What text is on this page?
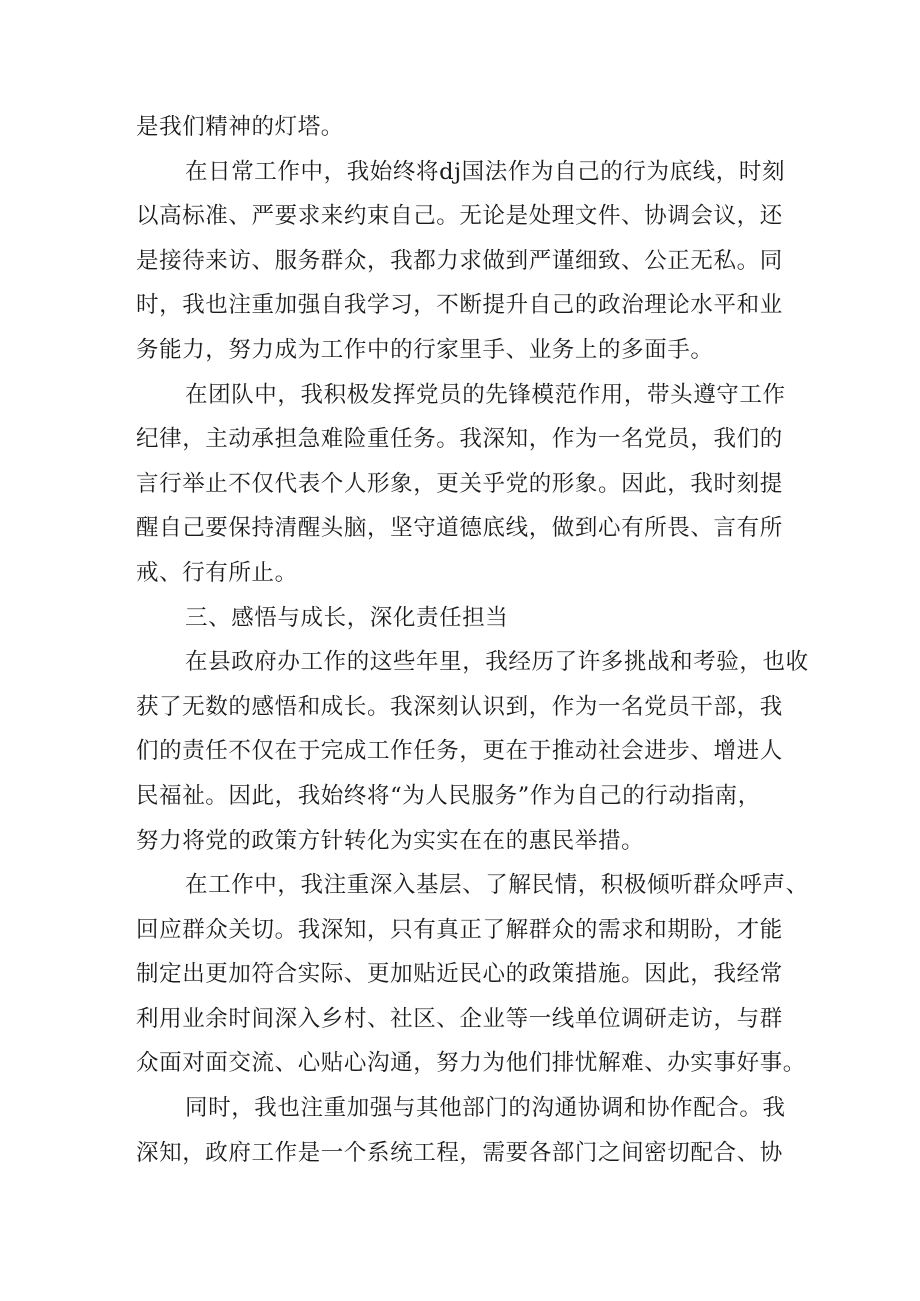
是我们精神的灯塔。
在日常工作中，我始终将dj国法作为自己的行为底线，时刻
以高标准、严要求来约束自己。无论是处理文件、协调会议，还
是接待来访、服务群众，我都力求做到严谨细致、公正无私。同
时，我也注重加强自我学习，不断提升自己的政治理论水平和业
务能力，努力成为工作中的行家里手、业务上的多面手。
在团队中，我积极发挥党员的先锋模范作用，带头遵守工作
纪律，主动承担急难险重任务。我深知，作为一名党员，我们的
言行举止不仅代表个人形象，更关乎党的形象。因此，我时刻提
醒自己要保持清醒头脑，坚守道德底线，做到心有所畏、言有所
戒、行有所止。
三、感悟与成长，深化责任担当
在县政府办工作的这些年里，我经历了许多挑战和考验，也收
获了无数的感悟和成长。我深刻认识到，作为一名党员干部，我
们的责任不仅在于完成工作任务，更在于推动社会进步、增进人
民福祉。因此，我始终将“为人民服务”作为自己的行动指南，
努力将党的政策方针转化为实实在在的惠民举措。
在工作中，我注重深入基层、了解民情，积极倾听群众呼声、
回应群众关切。我深知，只有真正了解群众的需求和期盼，才能
制定出更加符合实际、更加贴近民心的政策措施。因此，我经常
利用业余时间深入乡村、社区、企业等一线单位调研走访，与群
众面对面交流、心贴心沟通，努力为他们排忧解难、办实事好事。
同时，我也注重加强与其他部门的沟通协调和协作配合。我
深知，政府工作是一个系统工程，需要各部门之间密切配合、协
